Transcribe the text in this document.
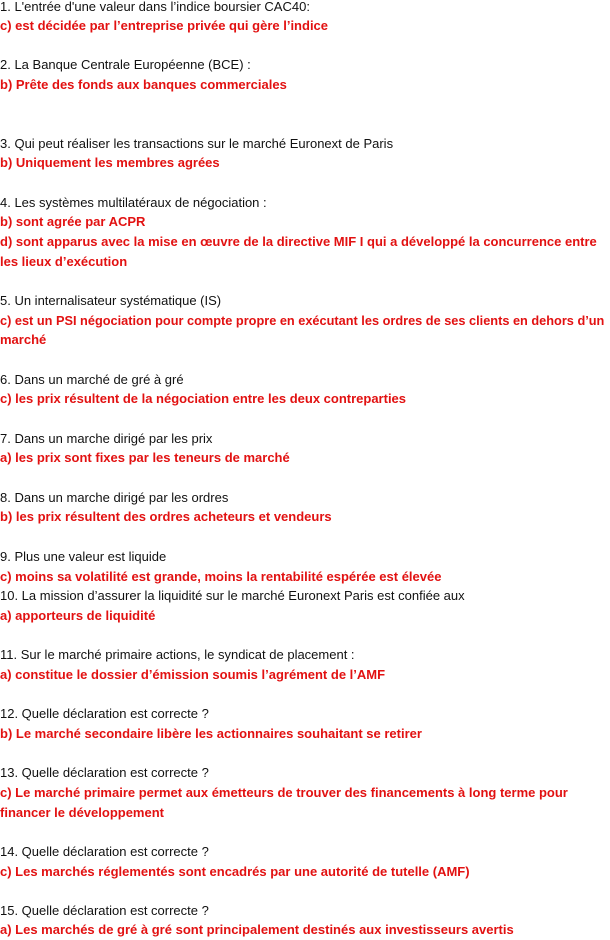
1. L'entrée d'une valeur dans l’indice boursier CAC40:
c) est décidée par l’entreprise privée qui gère l’indice
2. La Banque Centrale Européenne (BCE) :
b) Prête des fonds aux banques commerciales
3. Qui peut réaliser les transactions sur le marché Euronext de Paris
b) Uniquement les membres agrées
4. Les systèmes multilatéraux de négociation :
b) sont agrée par ACPR
d) sont apparus avec la mise en œuvre de la directive MIF I qui a développé la concurrence entre
les lieux d’exécution
5. Un internalisateur systématique (IS)
c) est un PSI négociation pour compte propre en exécutant les ordres de ses clients en dehors d’un
marché
6. Dans un marché de gré à gré
c) les prix résultent de la négociation entre les deux contreparties
7. Dans un marche dirigé par les prix
a) les prix sont fixes par les teneurs de marché
8. Dans un marche dirigé par les ordres
b) les prix résultent des ordres acheteurs et vendeurs
9. Plus une valeur est liquide
c) moins sa volatilité est grande, moins la rentabilité espérée est élevée
10. La mission d’assurer la liquidité sur le marché Euronext Paris est confiée aux
a) apporteurs de liquidité
11. Sur le marché primaire actions, le syndicat de placement :
a) constitue le dossier d’émission soumis l’agrément de l’AMF
12. Quelle déclaration est correcte ?
b) Le marché secondaire libère les actionnaires souhaitant se retirer
13. Quelle déclaration est correcte ?
c) Le marché primaire permet aux émetteurs de trouver des financements à long terme pour
financer le développement
14. Quelle déclaration est correcte ?
c) Les marchés réglementés sont encadrés par une autorité de tutelle (AMF)
15. Quelle déclaration est correcte ?
a) Les marchés de gré à gré sont principalement destinés aux investisseurs avertis
